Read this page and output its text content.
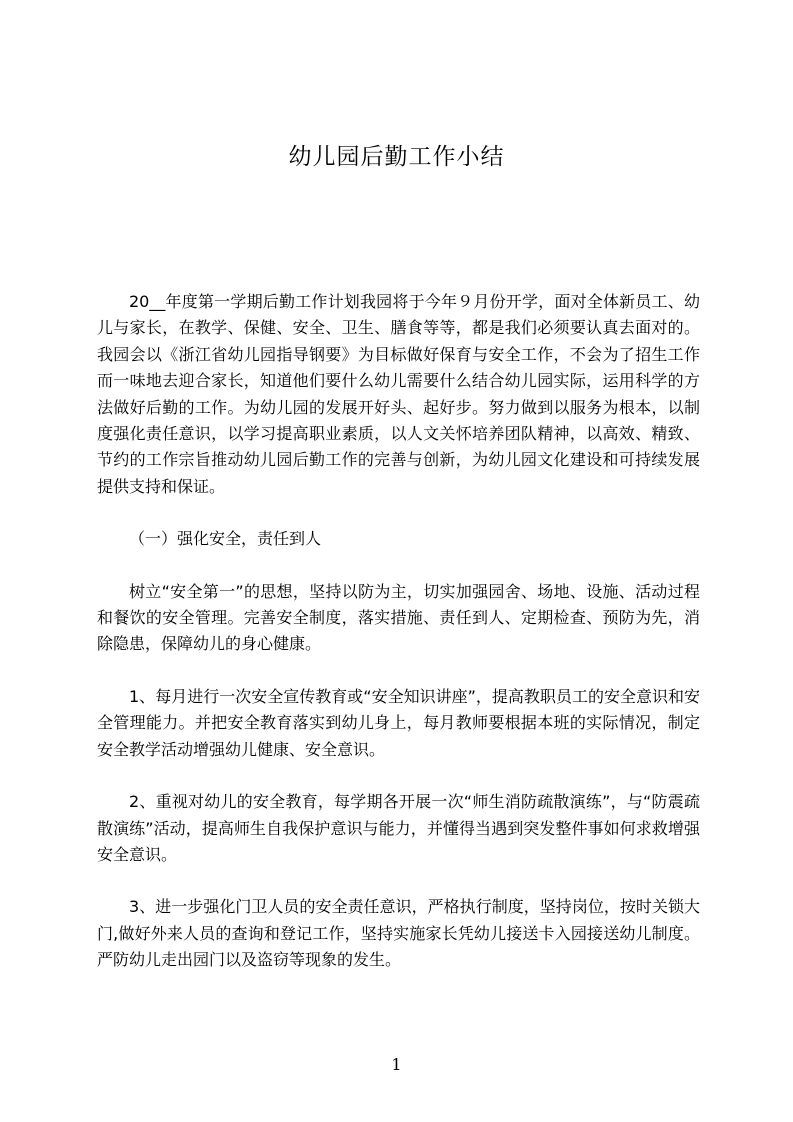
幼儿园后勤工作小结

20__年度第一学期后勤工作计划我园将于今年９月份开学，面对全体新员工、幼儿与家长，在教学、保健、安全、卫生、膳食等等，都是我们必须要认真去面对的。我园会以《浙江省幼儿园指导钢要》为目标做好保育与安全工作，不会为了招生工作而一味地去迎合家长，知道他们要什么幼儿需要什么结合幼儿园实际，运用科学的方法做好后勤的工作。为幼儿园的发展开好头、起好步。努力做到以服务为根本，以制度强化责任意识，以学习提高职业素质，以人文关怀培养团队精神，以高效、精致、节约的工作宗旨推动幼儿园后勤工作的完善与创新，为幼儿园文化建设和可持续发展提供支持和保证。

（一）强化安全，责任到人

树立“安全第一”的思想，坚持以防为主，切实加强园舍、场地、设施、活动过程和餐饮的安全管理。完善安全制度，落实措施、责任到人、定期检查、预防为先，消除隐患，保障幼儿的身心健康。

1、每月进行一次安全宣传教育或“安全知识讲座”，提高教职员工的安全意识和安全管理能力。并把安全教育落实到幼儿身上，每月教师要根据本班的实际情况，制定安全教学活动增强幼儿健康、安全意识。

2、重视对幼儿的安全教育，每学期各开展一次“师生消防疏散演练”，与“防震疏散演练”活动，提高师生自我保护意识与能力，并懂得当遇到突发整件事如何求救增强安全意识。

3、进一步强化门卫人员的安全责任意识，严格执行制度，坚持岗位，按时关锁大门,做好外来人员的查询和登记工作，坚持实施家长凭幼儿接送卡入园接送幼儿制度。严防幼儿走出园门以及盗窃等现象的发生。

1
